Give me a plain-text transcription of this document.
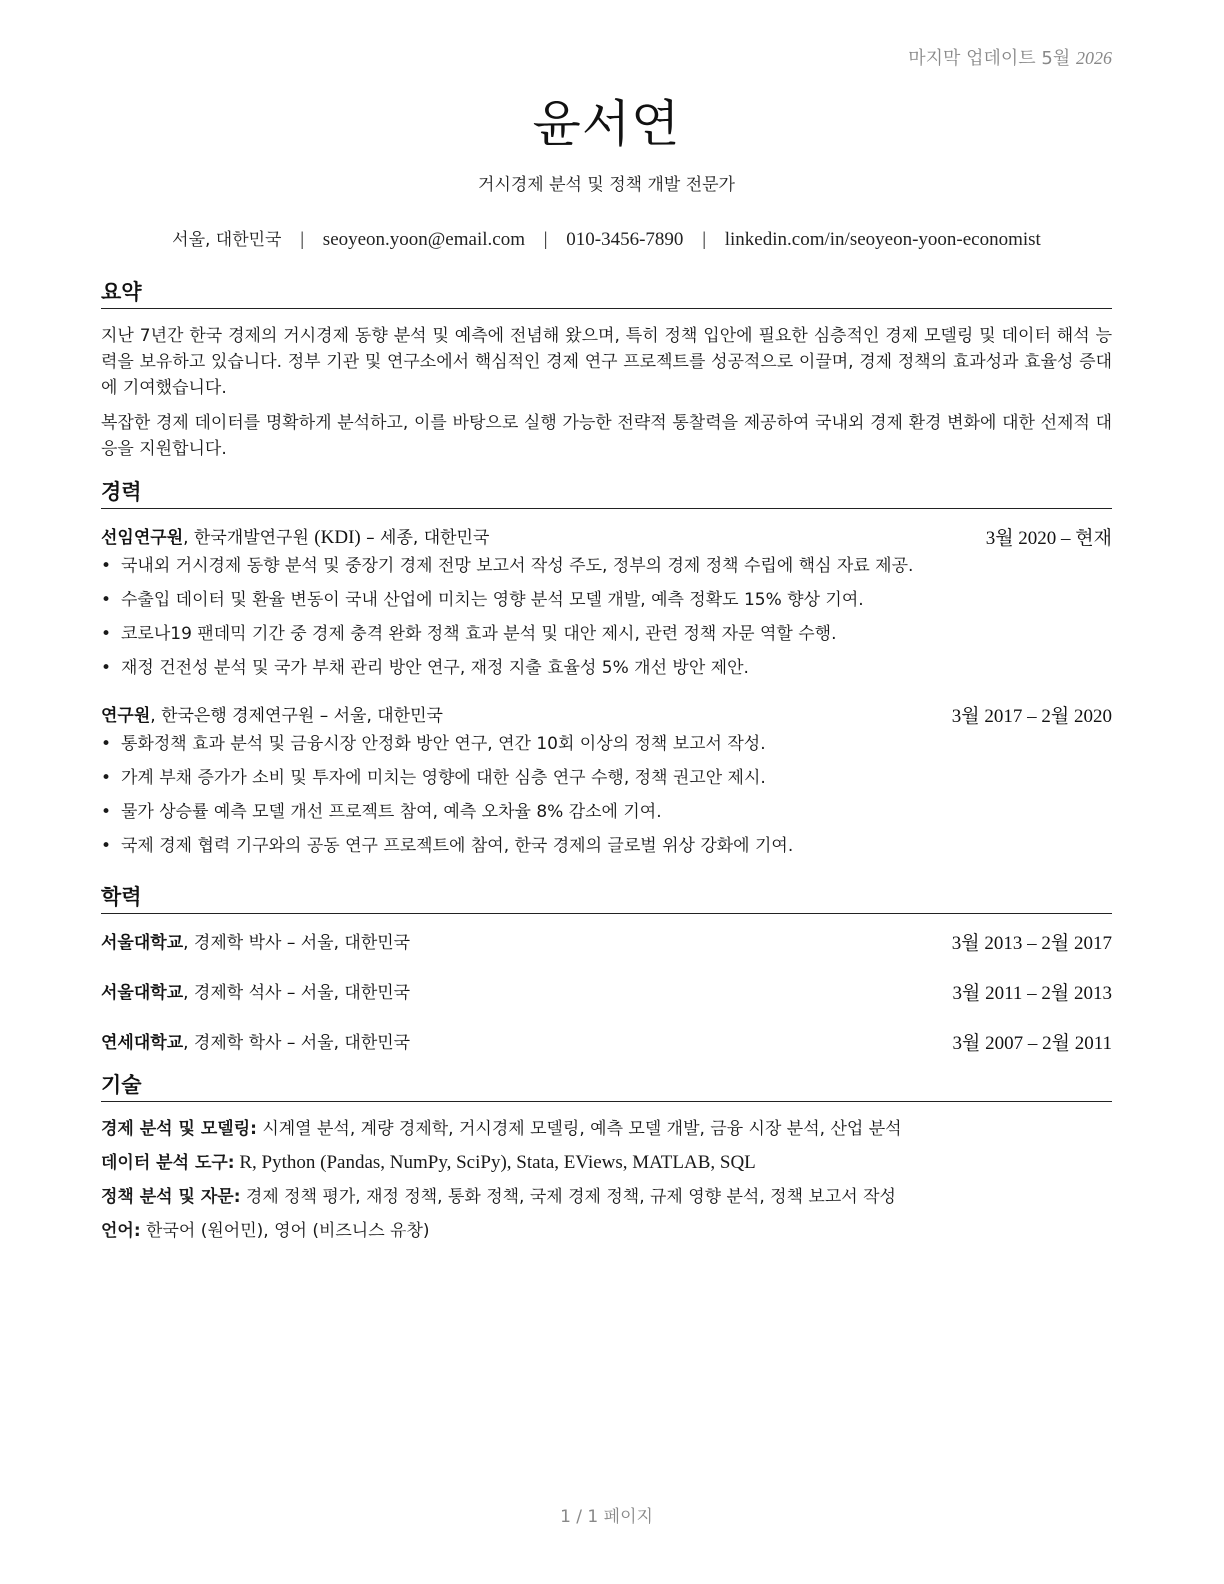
마지막 업데이트 5월 2026
윤서연
거시경제 분석 및 정책 개발 전문가
서울, 대한민국 | seoyeon.yoon@email.com | 010-3456-7890 | linkedin.com/in/seoyeon-yoon-economist
요약

지난 7년간 한국 경제의 거시경제 동향 분석 및 예측에 전념해 왔으며, 특히 정책 입안에 필요한 심층적인 경제 모델링 및 데이터 해석 능력을 보유하고 있습니다. 정부 기관 및 연구소에서 핵심적인 경제 연구 프로젝트를 성공적으로 이끌며, 경제 정책의 효과성과 효율성 증대에 기여했습니다.

복잡한 경제 데이터를 명확하게 분석하고, 이를 바탕으로 실행 가능한 전략적 통찰력을 제공하여 국내외 경제 환경 변화에 대한 선제적 대응을 지원합니다.

경력
선임연구원, 한국개발연구원 (KDI) – 세종, 대한민국	3월 2020 – 현재
• 국내외 거시경제 동향 분석 및 중장기 경제 전망 보고서 작성 주도, 정부의 경제 정책 수립에 핵심 자료 제공.
• 수출입 데이터 및 환율 변동이 국내 산업에 미치는 영향 분석 모델 개발, 예측 정확도 15% 향상 기여.
• 코로나19 팬데믹 기간 중 경제 충격 완화 정책 효과 분석 및 대안 제시, 관련 정책 자문 역할 수행.
• 재정 건전성 분석 및 국가 부채 관리 방안 연구, 재정 지출 효율성 5% 개선 방안 제안.
연구원, 한국은행 경제연구원 – 서울, 대한민국	3월 2017 – 2월 2020
• 통화정책 효과 분석 및 금융시장 안정화 방안 연구, 연간 10회 이상의 정책 보고서 작성.
• 가계 부채 증가가 소비 및 투자에 미치는 영향에 대한 심층 연구 수행, 정책 권고안 제시.
• 물가 상승률 예측 모델 개선 프로젝트 참여, 예측 오차율 8% 감소에 기여.
• 국제 경제 협력 기구와의 공동 연구 프로젝트에 참여, 한국 경제의 글로벌 위상 강화에 기여.
학력
서울대학교, 경제학 박사 – 서울, 대한민국	3월 2013 – 2월 2017
서울대학교, 경제학 석사 – 서울, 대한민국	3월 2011 – 2월 2013
연세대학교, 경제학 학사 – 서울, 대한민국	3월 2007 – 2월 2011
기술
경제 분석 및 모델링: 시계열 분석, 계량 경제학, 거시경제 모델링, 예측 모델 개발, 금융 시장 분석, 산업 분석
데이터 분석 도구: R, Python (Pandas, NumPy, SciPy), Stata, EViews, MATLAB, SQL
정책 분석 및 자문: 경제 정책 평가, 재정 정책, 통화 정책, 국제 경제 정책, 규제 영향 분석, 정책 보고서 작성
언어: 한국어 (원어민), 영어 (비즈니스 유창)
1 / 1 페이지
